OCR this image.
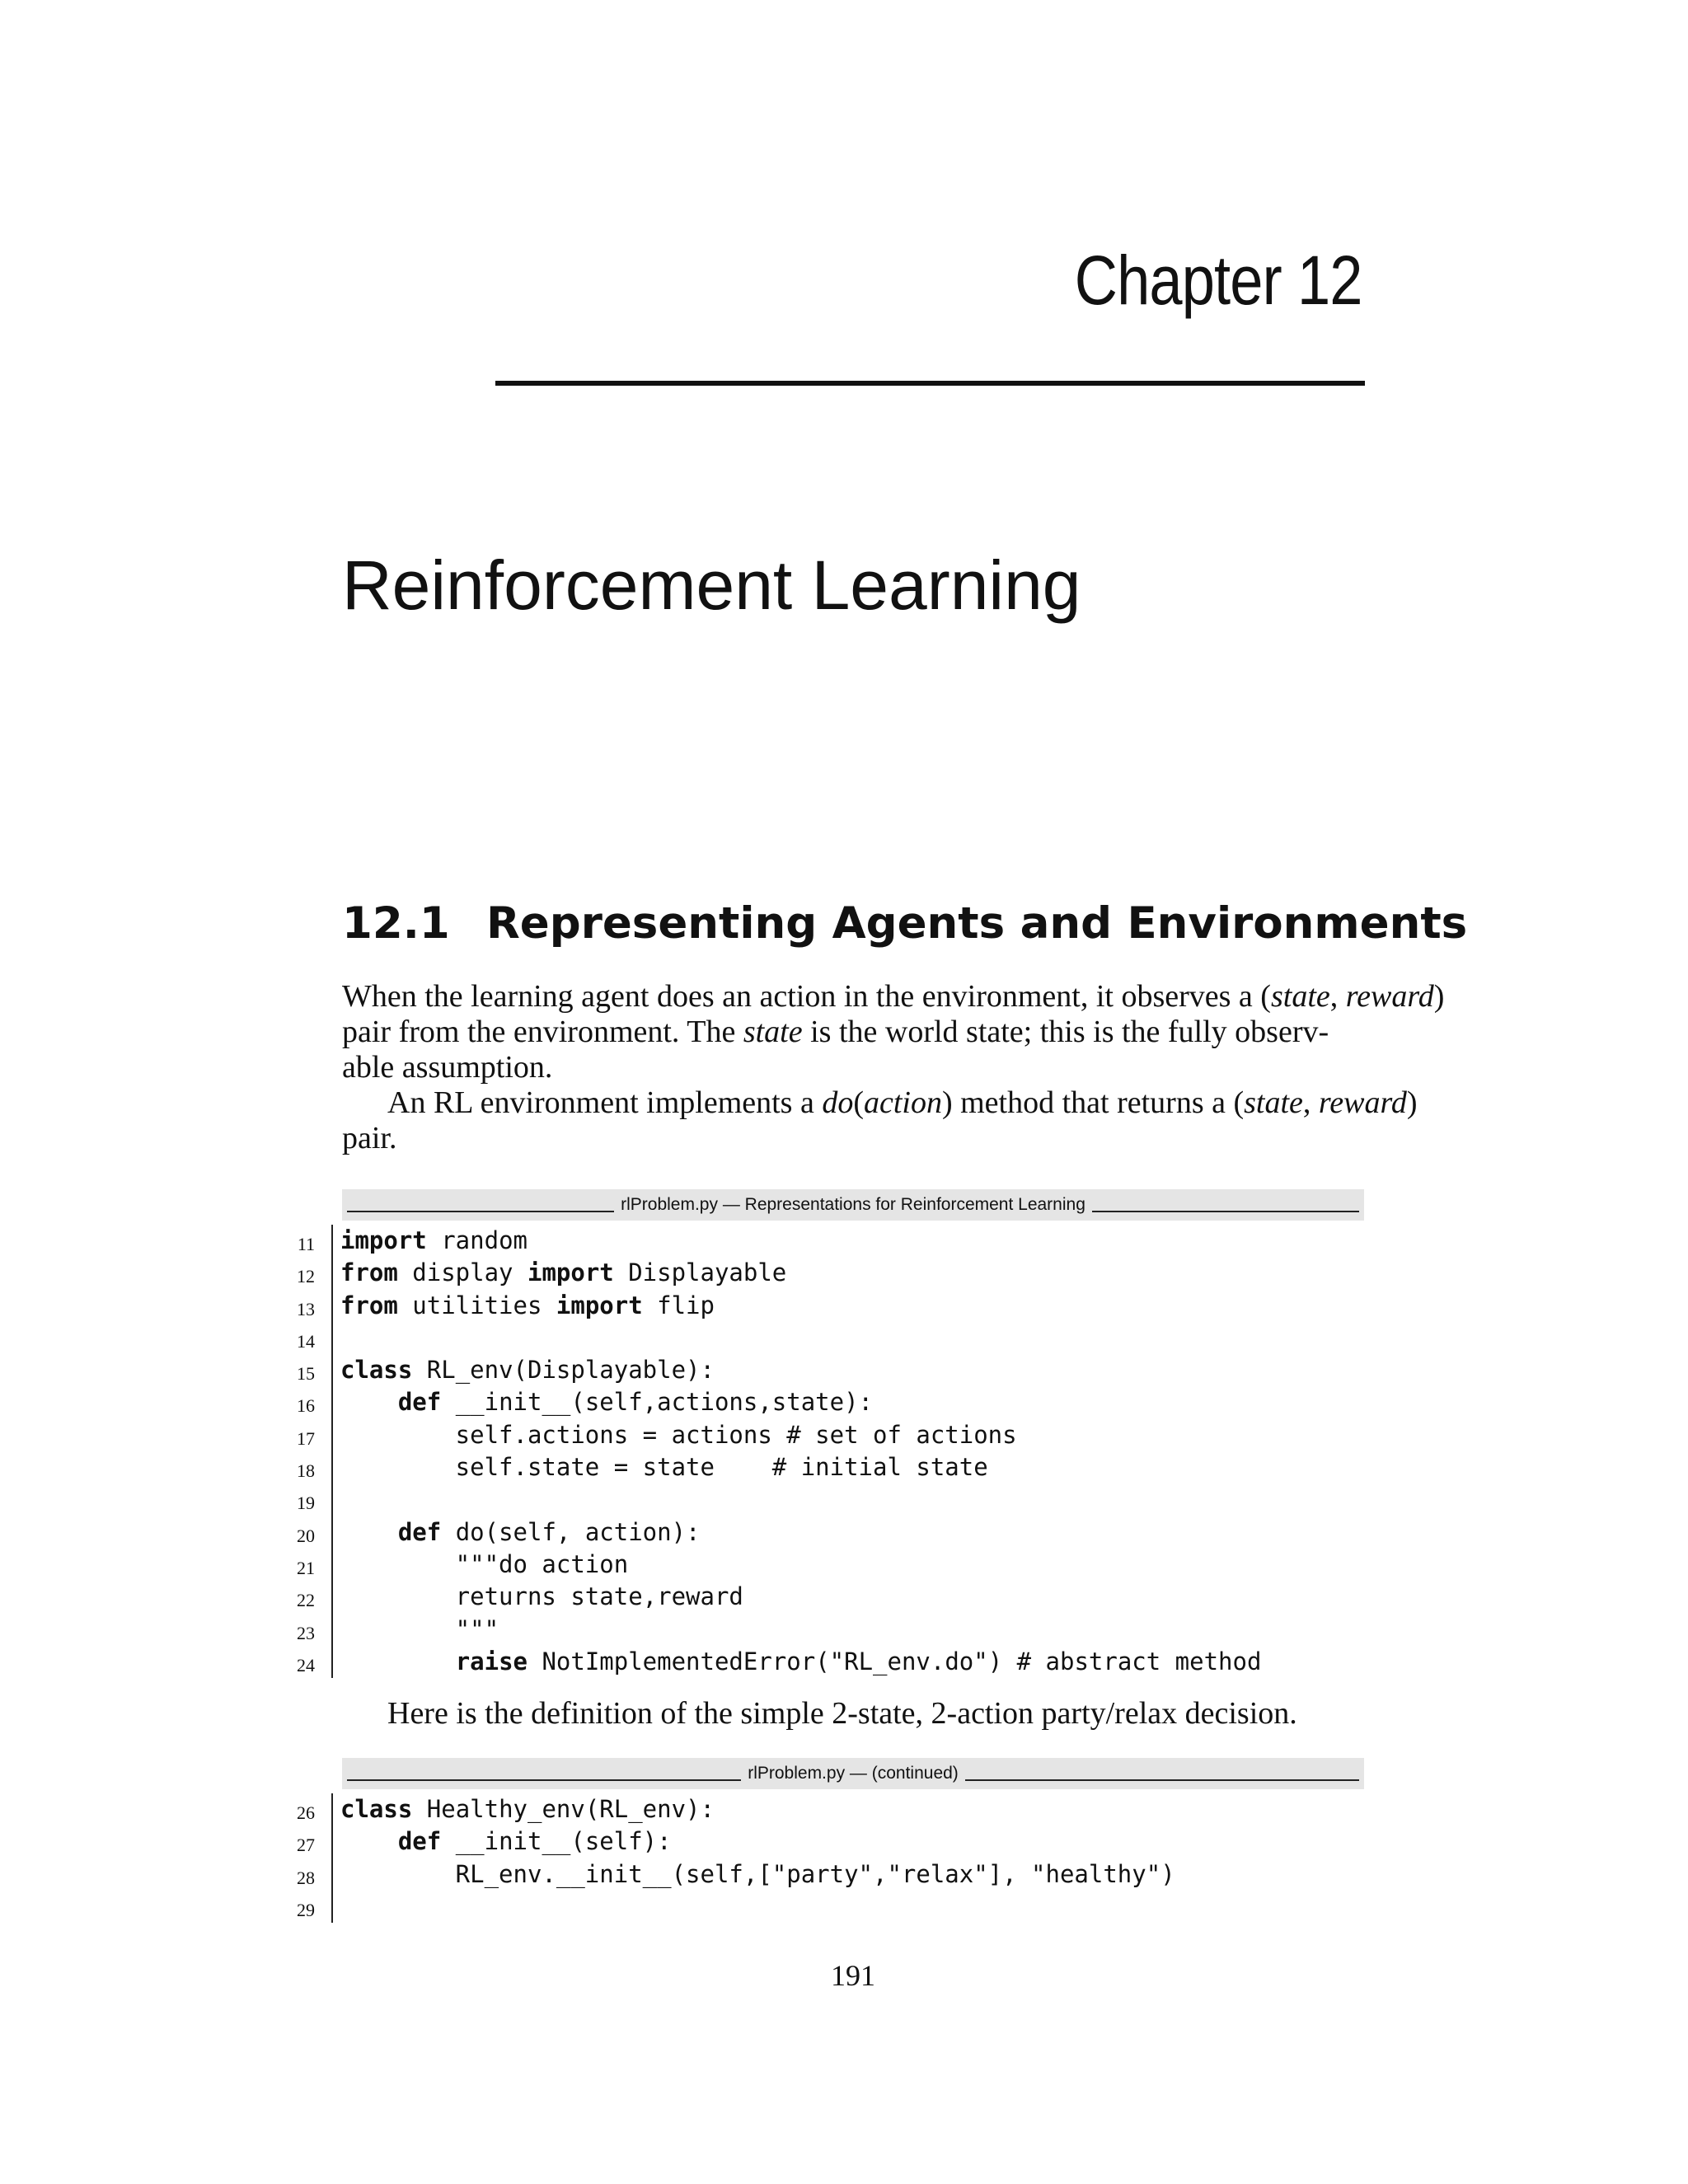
Chapter 12
Reinforcement Learning
12.1 Representing Agents and Environments
When the learning agent does an action in the environment, it observes a (state, reward)
pair from the environment. The state is the world state; this is the fully observ-
able assumption.
An RL environment implements a do(action) method that returns a (state, reward)
pair.
rlProblem.py — Representations for Reinforcement Learning
11 import random
12 from display import Displayable
13 from utilities import flip
14
15 class RL_env(Displayable):
16	def __init__(self,actions,state):
17 self.actions = actions # set of actions
18 self.state = state    # initial state
19
20	def do(self, action):
21 """do action
22 returns state,reward
23 """
24	raise NotImplementedError("RL_env.do") # abstract method
Here is the definition of the simple 2-state, 2-action party/relax decision.
rlProblem.py — (continued)
26 class Healthy_env(RL_env):
27	def __init__(self):
28 RL_env.__init__(self,["party","relax"], "healthy")
29
191
